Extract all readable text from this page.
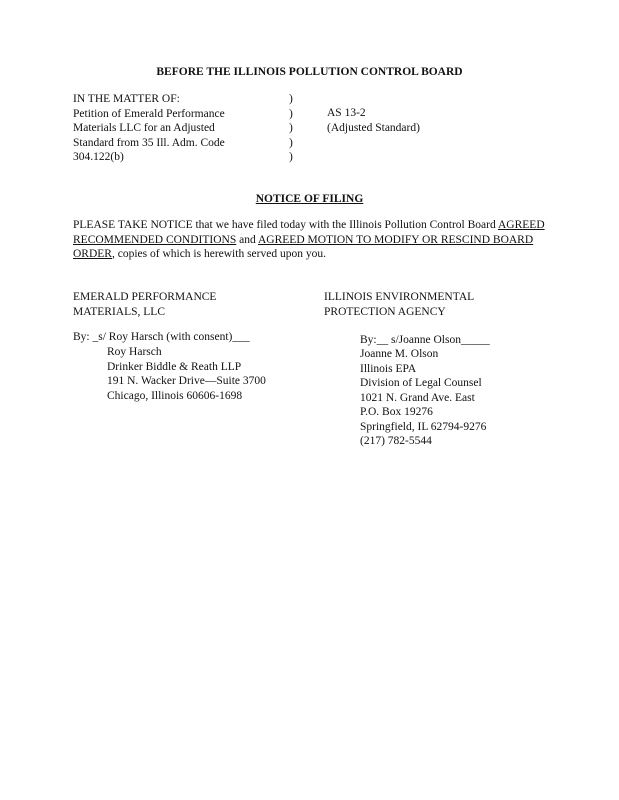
BEFORE THE ILLINOIS POLLUTION CONTROL BOARD
IN THE MATTER OF:
Petition of Emerald Performance
Materials LLC for an Adjusted
Standard from 35 Ill. Adm. Code
304.122(b)
)
)
)
)
)
AS 13-2
(Adjusted Standard)
NOTICE OF FILING
PLEASE TAKE NOTICE that we have filed today with the Illinois Pollution Control Board AGREED RECOMMENDED CONDITIONS and AGREED MOTION TO MODIFY OR RESCIND BOARD ORDER, copies of which is herewith served upon you.
EMERALD PERFORMANCE
MATERIALS, LLC
ILLINOIS ENVIRONMENTAL
PROTECTION AGENCY
By: _s/ Roy Harsch (with consent)___
Roy Harsch
Drinker Biddle & Reath LLP
191 N. Wacker Drive—Suite 3700
Chicago, Illinois 60606-1698
By:__ s/Joanne Olson_____
Joanne M. Olson
Illinois EPA
Division of Legal Counsel
1021 N. Grand Ave. East
P.O. Box 19276
Springfield, IL 62794-9276
(217) 782-5544
